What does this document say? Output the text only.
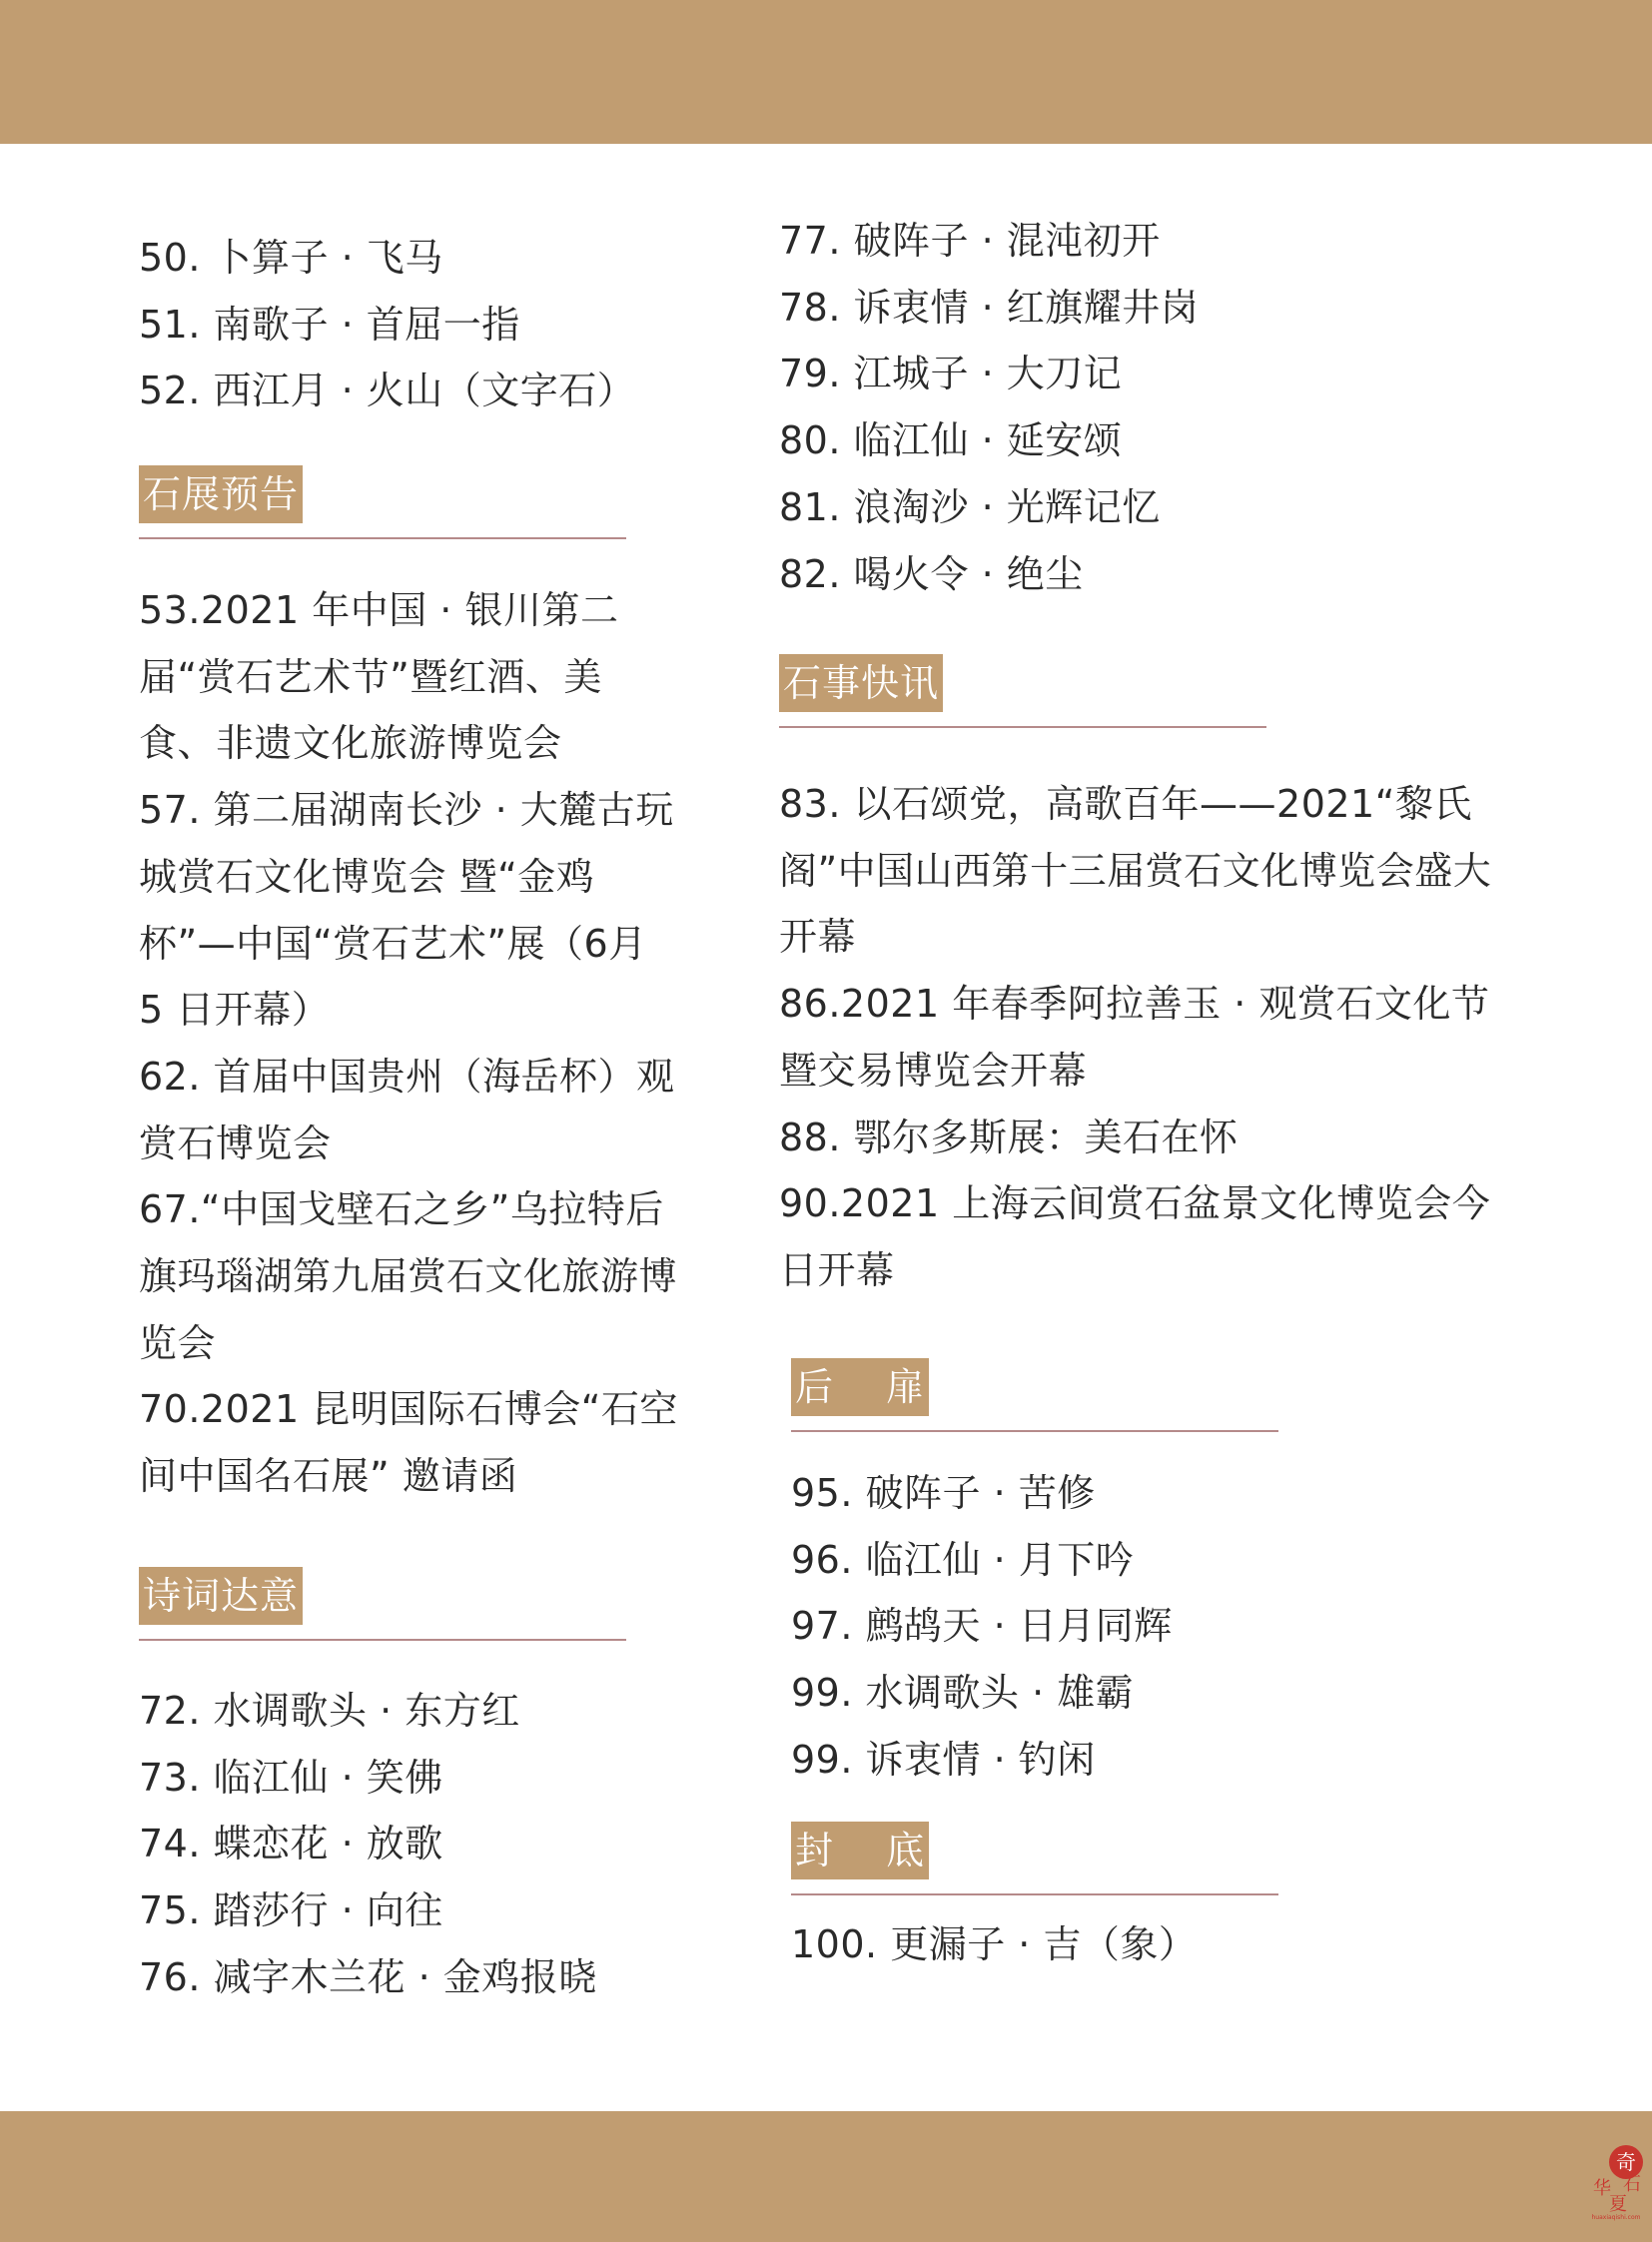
50. 卜算子 · 飞马
51. 南歌子 · 首屈一指
52. 西江月 · 火山（文字石）
石展预告
53.2021 年中国 · 银川第二届“赏石艺术节”暨红酒、美食、非遗文化旅游博览会
57. 第二届湖南长沙 · 大麓古玩城赏石文化博览会 暨“金鸡杯”—中国“赏石艺术”展（6月 5 日开幕）
62. 首届中国贵州（海岳杯）观赏石博览会
67.“中国戈壁石之乡”乌拉特后旗玛瑙湖第九届赏石文化旅游博览会
70.2021 昆明国际石博会“石空间中国名石展” 邀请函
诗词达意
72. 水调歌头 · 东方红
73. 临江仙 · 笑佛
74. 蝶恋花 · 放歌
75. 踏莎行 · 向往
76. 减字木兰花 · 金鸡报晓
77. 破阵子 · 混沌初开
78. 诉衷情 · 红旗耀井岗
79. 江城子 · 大刀记
80. 临江仙 · 延安颂
81. 浪淘沙 · 光辉记忆
82. 喝火令 · 绝尘
石事快讯
83. 以石颂党，高歌百年——2021“黎氏阁”中国山西第十三届赏石文化博览会盛大开幕
86.2021 年春季阿拉善玉 · 观赏石文化节暨交易博览会开幕
88. 鄂尔多斯展：美石在怀
90.2021 上海云间赏石盆景文化博览会今日开幕
后　 扉
95. 破阵子 · 苦修
96. 临江仙 · 月下吟
97. 鹧鸪天 · 日月同辉
99. 水调歌头 · 雄霸
99. 诉衷情 · 钓闲
封　 底
100. 更漏子 · 吉（象）
奇
石
华
夏
huaxiaqishi.com
